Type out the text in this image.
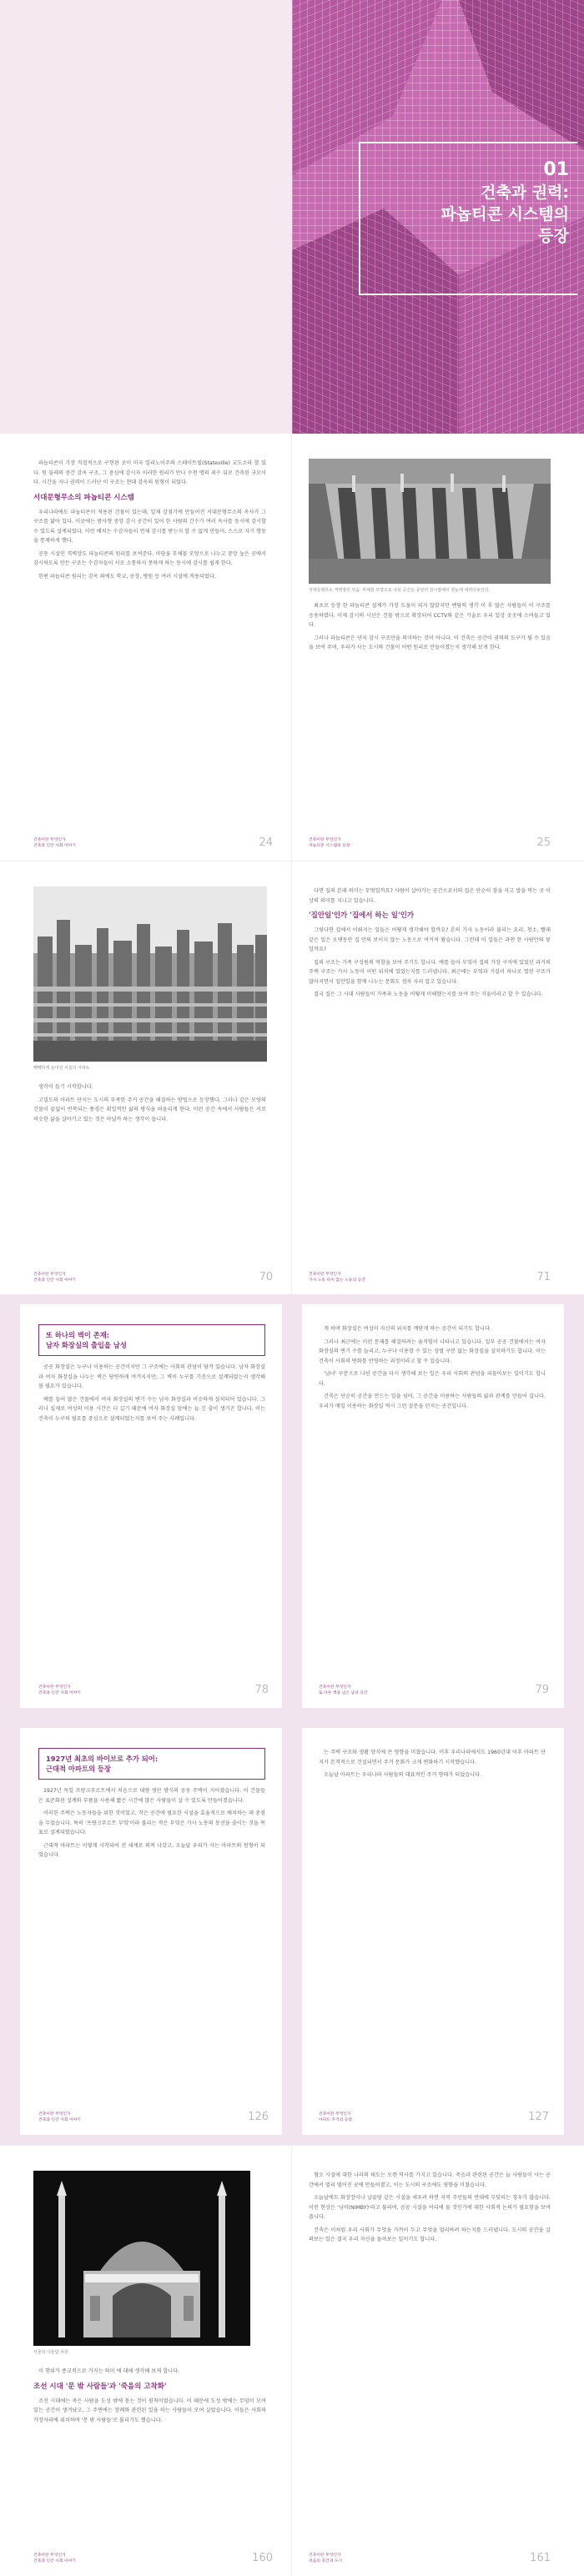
01
건축과 권력:
파놉티콘 시스템의
등장

파놉티콘이 가장 직접적으로 구현된 곳이 미국 일리노이주의 스테이트빌(Stateville) 교도소라 할 있다. 원 둘레의 중간 감옥 구조, 그 중심에 감시자 이러한 원리가 만나 수천 명의 죄수 뒤로 건축된 규모이다. 시간을 지나 권력이 드러난 이 구조는 현대 감옥의 원형이 되었다.

서대문형무소의 파놉티콘 시스템

우리나라에도 파놉티콘이 적용된 건물이 있는데, 일제 강점기에 만들어진 서대문형무소의 옥사가 그 구조를 닮아 있다. 이곳에는 방사형 중앙 감시 공간이 있어 한 사람의 간수가 여러 옥사를 동시에 감시할 수 있도록 설계되었다. 이런 배치는 수감자들이 언제 감시를 받는지 알 수 없게 만들어, 스스로 자기 행동을 통제하게 했다.

공동 시설인 격벽장도 파놉티콘의 원리를 보여준다. 마당을 부채꼴 모양으로 나누고 중앙 높은 곳에서 감시하도록 만든 구조는 수감자들이 서로 소통하지 못하게 하는 동시에 감시를 쉽게 한다.

한편 파놉티콘 원리는 감옥 외에도 학교, 공장, 병원 등 여러 시설에 적용되었다.

건축이란 무엇인가
건축과 인간 사회 이야기	24
서대문형무소 격벽장의 모습. 부채꼴 모양으로 나뉜 공간은 중앙의 감시탑에서 한눈에 내려다보인다.

최초로 등장 한 파놉티콘 설계가 가장 도움이 되지 않았지만 벤담의 생각 이 후 많은 사람들이 이 구조를 응용하였다. 이제 감시의 시선은 건물 밖으로 확장되어 CCTV와 같은 기술로 우리 일상 곳곳에 스며들고 있다.

그러나 파놉티콘은 단지 감시 구조만을 의미하는 것이 아니다. 이 건축은 공간이 권력의 도구가 될 수 있음을 보여 주며, 우리가 사는 도시와 건물이 어떤 원리로 만들어졌는지 생각해 보게 한다.

건축이란 무엇인가
파놉티콘 시스템의 등장	25
빽빽하게 늘어선 서울의 아파트

생각이 들기 시작합니다.

고밀도의 아파트 단지는 도시의 부족한 주거 공간을 해결하는 방법으로 등장했다. 그러나 같은 모양의 건물이 끝없이 반복되는 풍경은 획일적인 삶의 방식을 떠올리게 한다. 이런 공간 속에서 사람들은 서로 비슷한 삶을 살아가고 있는 것은 아닐까 하는 생각이 듭니다.

건축이란 무엇인가
건축과 인간 사회 이야기	70

다면 집의 본래 의미는 무엇일까요? 사람이 살아가는 공간으로서의 집은 단순히 잠을 자고 밥을 먹는 곳 이상의 의미를 지니고 있습니다.

'집안일'인가 '집에서 하는 일'인가

그렇다면 집에서 이뤄지는 일들은 어떻게 생각해야 할까요? 흔히 가사 노동이라 불리는 요리, 청소, 빨래 같은 일은 오랫동안 집 안의 보이지 않는 노동으로 여겨져 왔습니다. 그런데 이 일들은 과연 한 사람만의 몫일까요?

집의 구조는 가족 구성원의 역할을 보여 주기도 합니다. 예를 들어 부엌이 집의 가장 구석에 있었던 과거의 주택 구조는 가사 노동이 어떤 위치에 있었는지를 드러냅니다. 최근에는 부엌과 거실이 하나로 열린 구조가 많아지면서 집안일을 함께 나누는 문화도 점차 자리 잡고 있습니다.

결국 집은 그 시대 사람들이 가족과 노동을 어떻게 이해했는지를 보여 주는 거울이라고 할 수 있습니다.

건축이란 무엇인가
가사 노동 하지 않는 노동의 공간	71
또 하나의 벽이 존재:
남자 화장실의 출입을 남성

공공 화장실은 누구나 이용하는 공간이지만 그 구조에는 사회의 관념이 담겨 있습니다. 남자 화장실과 여자 화장실을 나누는 벽은 당연하게 여겨지지만, 그 벽이 누구를 기준으로 설계되었는지 생각해 볼 필요가 있습니다.

예를 들어 많은 건물에서 여자 화장실의 변기 수는 남자 화장실과 비슷하게 설치되어 있습니다. 그러나 실제로 여성의 이용 시간은 더 길기 때문에 여자 화장실 앞에는 늘 긴 줄이 생기곤 합니다. 이는 건축이 누구의 필요를 중심으로 설계되었는지를 보여 주는 사례입니다.

건축이란 무엇인가
건축과 인간 사회 이야기	78

게 하며 화장실은 여성이 자신의 위치를 깨닫게 하는 공간이 되기도 합니다.

그러나 최근에는 이런 문제를 해결하려는 움직임이 나타나고 있습니다. 일부 공공 건물에서는 여자 화장실의 변기 수를 늘리고, 누구나 이용할 수 있는 성별 구분 없는 화장실을 설치하기도 합니다. 이는 건축이 사회의 변화를 반영하는 과정이라고 할 수 있습니다.

'남녀' 구분으로 나뉜 공간을 다시 생각해 보는 일은 우리 사회의 관념을 되돌아보는 일이기도 합니다.

건축은 단순히 공간을 만드는 일을 넘어, 그 공간을 이용하는 사람들의 삶과 관계를 만들어 갑니다. 우리가 매일 이용하는 화장실 역시 그런 질문을 던지는 공간입니다.

건축이란 무엇인가
또 다른 벽을 넘은 남녀 공간	79
1927년 최초의 바이브로 추가 되어:
근대적 아파트의 등장

1927년 독일 프랑크푸르트에서 처음으로 대량 생산 방식의 공동 주택이 지어졌습니다. 이 건물들은 표준화된 설계와 부품을 사용해 짧은 시간에 많은 사람들이 살 수 있도록 만들어졌습니다.

이러한 주택은 노동자들을 위한 것이었고, 작은 공간에 필요한 시설을 효율적으로 배치하는 데 중점을 두었습니다. 특히 '프랑크푸르트 부엌'이라 불리는 작은 부엌은 가사 노동의 동선을 줄이는 것을 목표로 설계되었습니다.

근대적 아파트는 이렇게 시작되어 전 세계로 퍼져 나갔고, 오늘날 우리가 사는 아파트의 원형이 되었습니다.

건축이란 무엇인가
건축과 인간 사회 이야기	126

는 주택 구조와 생활 양식에 큰 영향을 미쳤습니다. 이후 우리나라에서도 1960년대 이후 아파트 단지가 본격적으로 건설되면서 주거 문화가 크게 변화하기 시작했습니다.

오늘날 아파트는 우리나라 사람들의 대표적인 주거 형태가 되었습니다.

건축이란 무엇인가
아파트 주거의 등장	127
서울의 이슬람 사원

이 행위가 종교적으로 가지는 의미 에 대해 생각해 보게 합니다.

조선 시대 '문 밖 사람들'과 '죽음의 고착화'

조선 시대에는 죽은 사람을 도성 밖에 묻는 것이 원칙이었습니다. 이 때문에 도성 밖에는 무덤이 모여 있는 공간이 생겨났고, 그 주변에는 장례와 관련된 일을 하는 사람들이 모여 살았습니다. 이들은 사회의 가장자리에 위치하며 '문 밖 사람들'로 불리기도 했습니다.

건축이란 무엇인가
건축과 인간 사회 이야기	160

혐오 시설에 대한 나라의 태도는 오랜 역사를 가지고 있습니다. 죽음과 관련된 공간은 늘 사람들이 사는 공간에서 멀리 떨어진 곳에 만들어졌고, 이는 도시의 구조에도 영향을 미쳤습니다.

오늘날에도 화장장이나 납골당 같은 시설을 세우려 하면 지역 주민들의 반대에 부딪히는 경우가 많습니다. 이런 현상은 '님비(NIMBY)'라고 불리며, 공공 시설을 어디에 둘 것인가에 대한 사회적 논의가 필요함을 보여 줍니다.

건축은 이처럼 우리 사회가 무엇을 가까이 두고 무엇을 멀리하려 하는지를 드러냅니다. 도시의 공간을 살펴보는 일은 결국 우리 자신을 돌아보는 일이기도 합니다.

건축이란 무엇인가
죽음의 공간과 도시	161
